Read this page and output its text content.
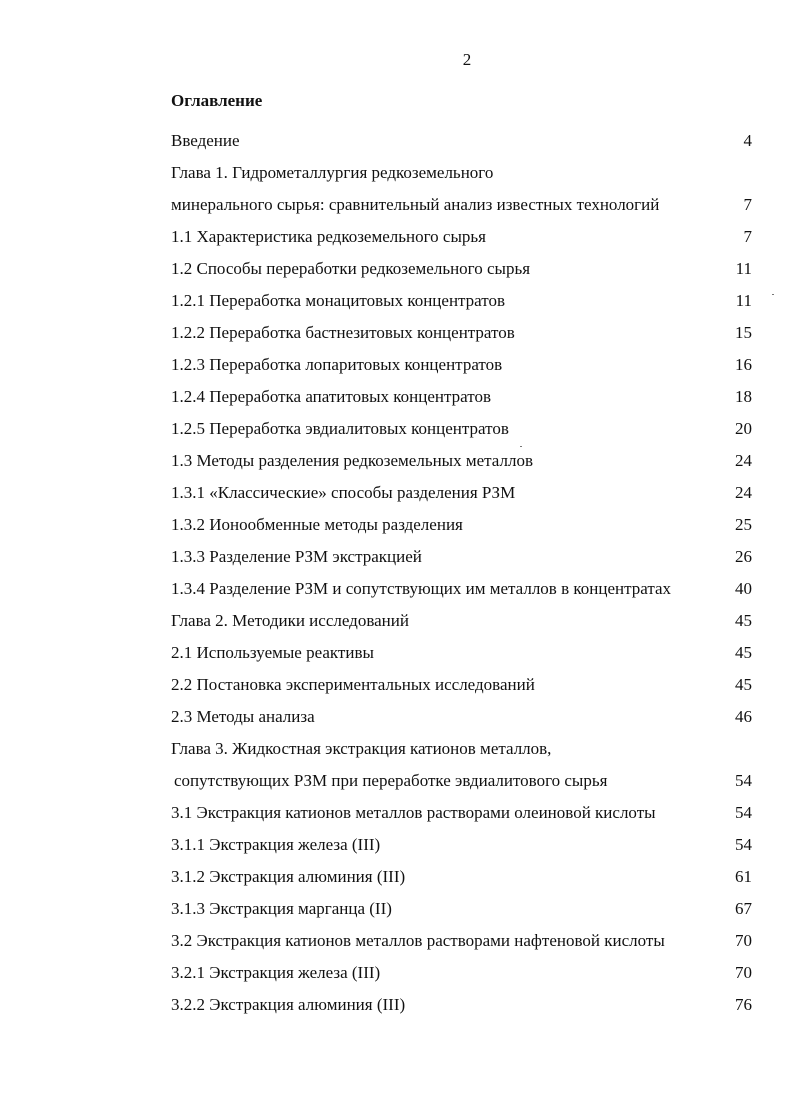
2
Оглавление
Введение	4
Глава 1. Гидрометаллургия редкоземельного
минерального сырья: сравнительный анализ известных технологий	7
1.1 Характеристика редкоземельного сырья	7
1.2 Способы переработки редкоземельного сырья	11
1.2.1 Переработка монацитовых концентратов	11
1.2.2 Переработка бастнезитовых концентратов	15
1.2.3 Переработка лопаритовых концентратов	16
1.2.4 Переработка апатитовых концентратов	18
1.2.5 Переработка эвдиалитовых концентратов	20
1.3 Методы разделения редкоземельных металлов	24
1.3.1 «Классические» способы разделения РЗМ	24
1.3.2 Ионообменные методы разделения	25
1.3.3 Разделение РЗМ экстракцией	26
1.3.4 Разделение РЗМ и сопутствующих им металлов в концентратах	40
Глава 2. Методики исследований	45
2.1 Используемые реактивы	45
2.2 Постановка экспериментальных исследований	45
2.3 Методы анализа	46
Глава 3. Жидкостная экстракция катионов металлов,
сопутствующих РЗМ при переработке эвдиалитового сырья	54
3.1 Экстракция катионов металлов растворами олеиновой кислоты	54
3.1.1 Экстракция железа (III)	54
3.1.2 Экстракция алюминия (III)	61
3.1.3 Экстракция марганца (II)	67
3.2 Экстракция катионов металлов растворами нафтеновой кислоты	70
3.2.1 Экстракция железа (III)	70
3.2.2 Экстракция алюминия (III)	76
